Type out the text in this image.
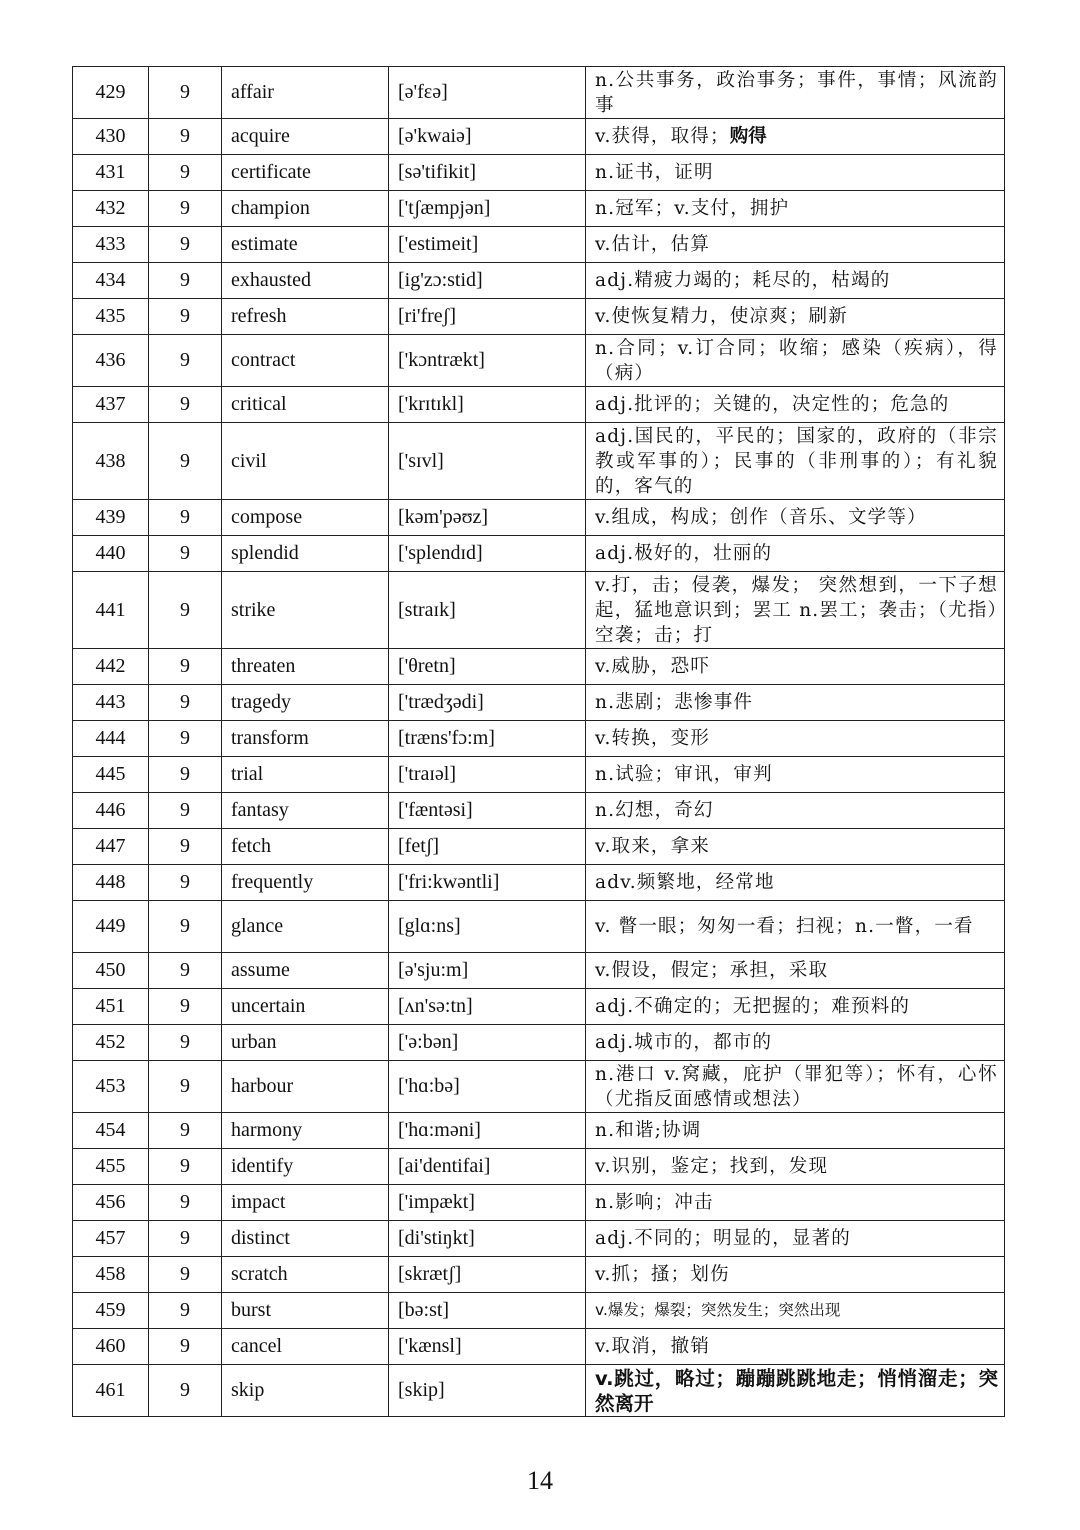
429	9	affair	[ə'fεə]	n.公共事务，政治事务；事件，事情；风流韵事
430	9	acquire	[ə'kwaiə]	v.获得，取得；购得
431	9	certificate	[sə'tifikit]	n.证书，证明
432	9	champion	['tʃæmpjən]	n.冠军；v.支付，拥护
433	9	estimate	['estimeit]	v.估计，估算
434	9	exhausted	[ig'zɔ:stid]	adj.精疲力竭的；耗尽的，枯竭的
435	9	refresh	[ri'freʃ]	v.使恢复精力，使凉爽；刷新
436	9	contract	['kɔntrækt]	n.合同；v.订合同；收缩；感染（疾病），得（病）
437	9	critical	['krɪtɪkl]	adj.批评的；关键的，决定性的；危急的
438	9	civil	['sɪvl]	adj.国民的，平民的；国家的，政府的（非宗教或军事的）；民事的（非刑事的）；有礼貌的，客气的
439	9	compose	[kəm'pəʊz]	v.组成，构成；创作（音乐、文学等）
440	9	splendid	['splendɪd]	adj.极好的，壮丽的
441	9	strike	[straɪk]	v.打，击；侵袭，爆发； 突然想到，一下子想起，猛地意识到；罢工 n.罢工；袭击；（尤指）空袭；击；打
442	9	threaten	['θretn]	v.威胁，恐吓
443	9	tragedy	['trædʒədi]	n.悲剧；悲惨事件
444	9	transform	[træns'fɔ:m]	v.转换，变形
445	9	trial	['traɪəl]	n.试验；审讯，审判
446	9	fantasy	['fæntəsi]	n.幻想，奇幻
447	9	fetch	[fetʃ]	v.取来，拿来
448	9	frequently	['fri:kwəntli]	adv.频繁地，经常地
449	9	glance	[glɑ:ns]	v. 瞥一眼；匆匆一看；扫视；n.一瞥，一看
450	9	assume	[ə'sju:m]	v.假设，假定；承担，采取
451	9	uncertain	[ʌn'sə:tn]	adj.不确定的；无把握的；难预料的
452	9	urban	['ə:bən]	adj.城市的，都市的
453	9	harbour	['hɑ:bə]	n.港口 v.窝藏，庇护（罪犯等）；怀有，心怀（尤指反面感情或想法）
454	9	harmony	['hɑ:məni]	n.和谐;协调
455	9	identify	[ai'dentifai]	v.识别，鉴定；找到，发现
456	9	impact	['impækt]	n.影响；冲击
457	9	distinct	[di'stiŋkt]	adj.不同的；明显的，显著的
458	9	scratch	[skrætʃ]	v.抓；搔；划伤
459	9	burst	[bə:st]	v.爆发；爆裂；突然发生；突然出现
460	9	cancel	['kænsl]	v.取消，撤销
461	9	skip	[skip]	v.跳过，略过；蹦蹦跳跳地走；悄悄溜走；突然离开
14
